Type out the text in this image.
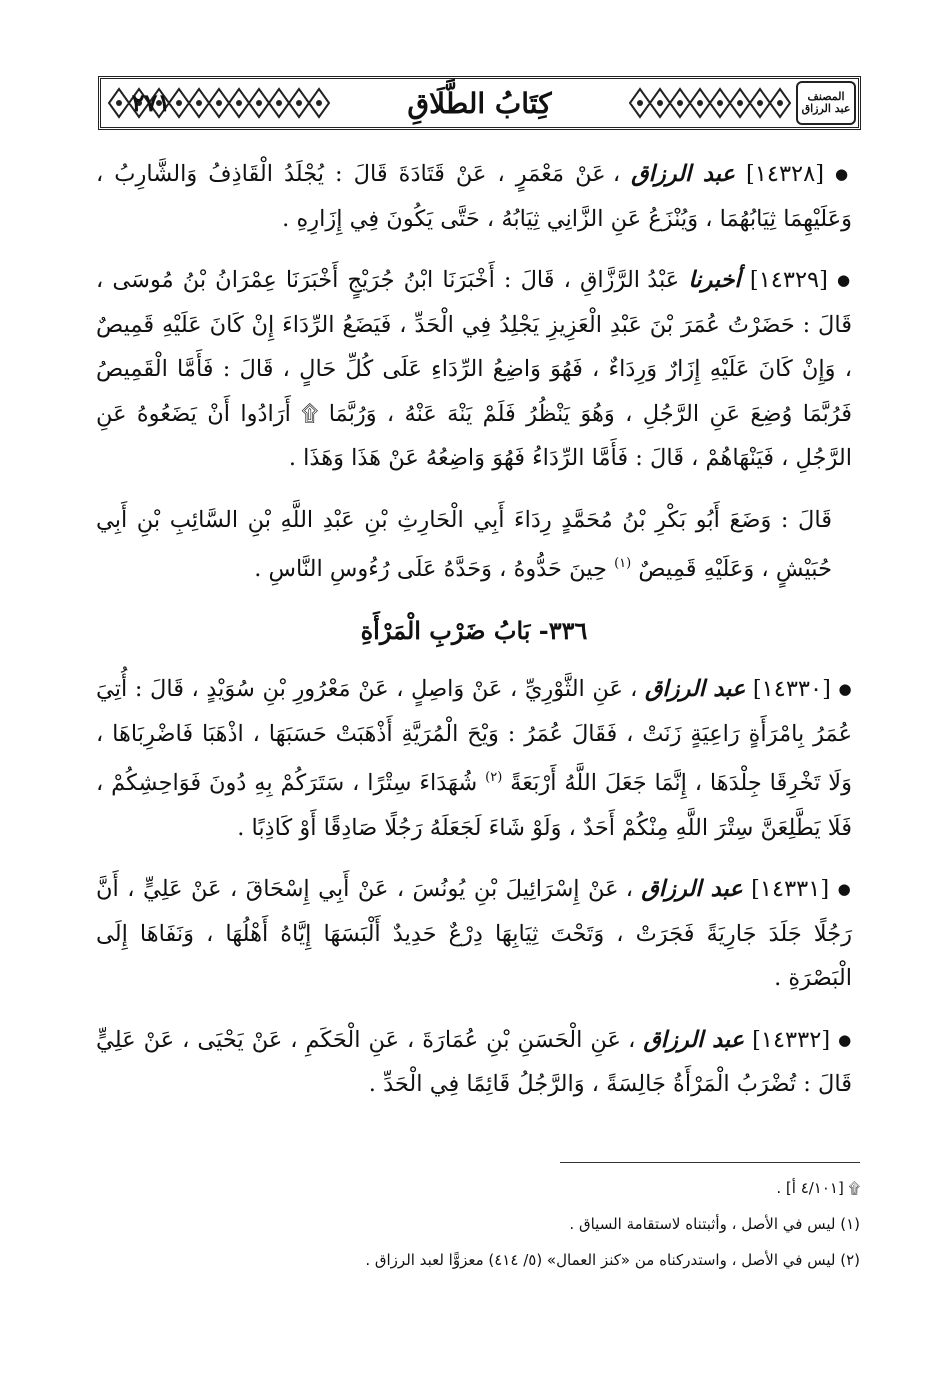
كِتَابُ الطَّلَاقِ
٢٧١	المصنف
عبد الرزاق

● [١٤٣٢٨] عبد الرزاق ، عَنْ مَعْمَرٍ ، عَنْ قَتَادَةَ قَالَ : يُجْلَدُ الْقَاذِفُ وَالشَّارِبُ ، وَعَلَيْهِمَا ثِيَابُهُمَا ، وَيُنْزَعُ عَنِ الزَّانِي ثِيَابُهُ ، حَتَّى يَكُونَ فِي إِزَارِهِ .

● [١٤٣٢٩] أخبرنا عَبْدُ الرَّزَّاقِ ، قَالَ : أَخْبَرَنَا ابْنُ جُرَيْجٍ أَخْبَرَنَا عِمْرَانُ بْنُ مُوسَى ، قَالَ : حَضَرْتُ عُمَرَ بْنَ عَبْدِ الْعَزِيزِ يَجْلِدُ فِي الْحَدِّ ، فَيَضَعُ الرِّدَاءَ إِنْ كَانَ عَلَيْهِ قَمِيصٌ ، وَإِنْ كَانَ عَلَيْهِ إِزَارٌ وَرِدَاءٌ ، فَهُوَ وَاضِعُ الرِّدَاءِ عَلَى كُلِّ حَالٍ ، قَالَ : فَأَمَّا الْقَمِيصُ فَرُبَّمَا وُضِعَ عَنِ الرَّجُلِ ، وَهُوَ يَنْظُرُ فَلَمْ يَنْهَ عَنْهُ ، وَرُبَّمَا ۩ أَرَادُوا أَنْ يَضَعُوهُ عَنِ الرَّجُلِ ، فَيَنْهَاهُمْ ، قَالَ : فَأَمَّا الرِّدَاءُ فَهُوَ وَاضِعُهُ عَنْ هَذَا وَهَذَا .

قَالَ : وَضَعَ أَبُو بَكْرِ بْنُ مُحَمَّدٍ رِدَاءَ أَبِي الْحَارِثِ بْنِ عَبْدِ اللَّهِ بْنِ السَّائِبِ بْنِ أَبِي حُبَيْشٍ ، وَعَلَيْهِ قَمِيصٌ $^{(١)}$ حِينَ حَدُّوهُ ، وَحَدَّهُ عَلَى رُءُوسِ النَّاسِ .

٣٣٦- بَابُ ضَرْبِ الْمَرْأَةِ

● [١٤٣٣٠] عبد الرزاق ، عَنِ الثَّوْرِيِّ ، عَنْ وَاصِلٍ ، عَنْ مَعْرُورِ بْنِ سُوَيْدٍ ، قَالَ : أُتِيَ عُمَرُ بِامْرَأَةٍ رَاعِيَةٍ زَنَتْ ، فَقَالَ عُمَرُ : وَيْحَ الْمُرَيَّةِ أَذْهَبَتْ حَسَبَهَا ، اذْهَبَا فَاضْرِبَاهَا ، وَلَا تَخْرِقَا جِلْدَهَا ، إِنَّمَا جَعَلَ اللَّهُ أَرْبَعَةً $^{(٢)}$ شُهَدَاءَ سِتْرًا ، سَتَرَكُمْ بِهِ دُونَ فَوَاحِشِكُمْ ، فَلَا يَطَّلِعَنَّ سِتْرَ اللَّهِ مِنْكُمْ أَحَدٌ ، وَلَوْ شَاءَ لَجَعَلَهُ رَجُلًا صَادِقًا أَوْ كَاذِبًا .

● [١٤٣٣١] عبد الرزاق ، عَنْ إِسْرَائِيلَ بْنِ يُونُسَ ، عَنْ أَبِي إِسْحَاقَ ، عَنْ عَلِيٍّ ، أَنَّ رَجُلًا جَلَدَ جَارِيَةً فَجَرَتْ ، وَتَحْتَ ثِيَابِهَا دِرْعٌ حَدِيدٌ أَلْبَسَهَا إِيَّاهُ أَهْلُهَا ، وَنَفَاهَا إِلَى الْبَصْرَةِ .

● [١٤٣٣٢] عبد الرزاق ، عَنِ الْحَسَنِ بْنِ عُمَارَةَ ، عَنِ الْحَكَمِ ، عَنْ يَحْيَى ، عَنْ عَلِيٍّ قَالَ : تُضْرَبُ الْمَرْأَةُ جَالِسَةً ، وَالرَّجُلُ قَائِمًا فِي الْحَدِّ .

۩ [٤/١٠١ أ] .
(١) ليس في الأصل ، وأثبتناه لاستقامة السياق .
(٢) ليس في الأصل ، واستدركناه من «كنز العمال» (٥/ ٤١٤) معزوًّا لعبد الرزاق .
